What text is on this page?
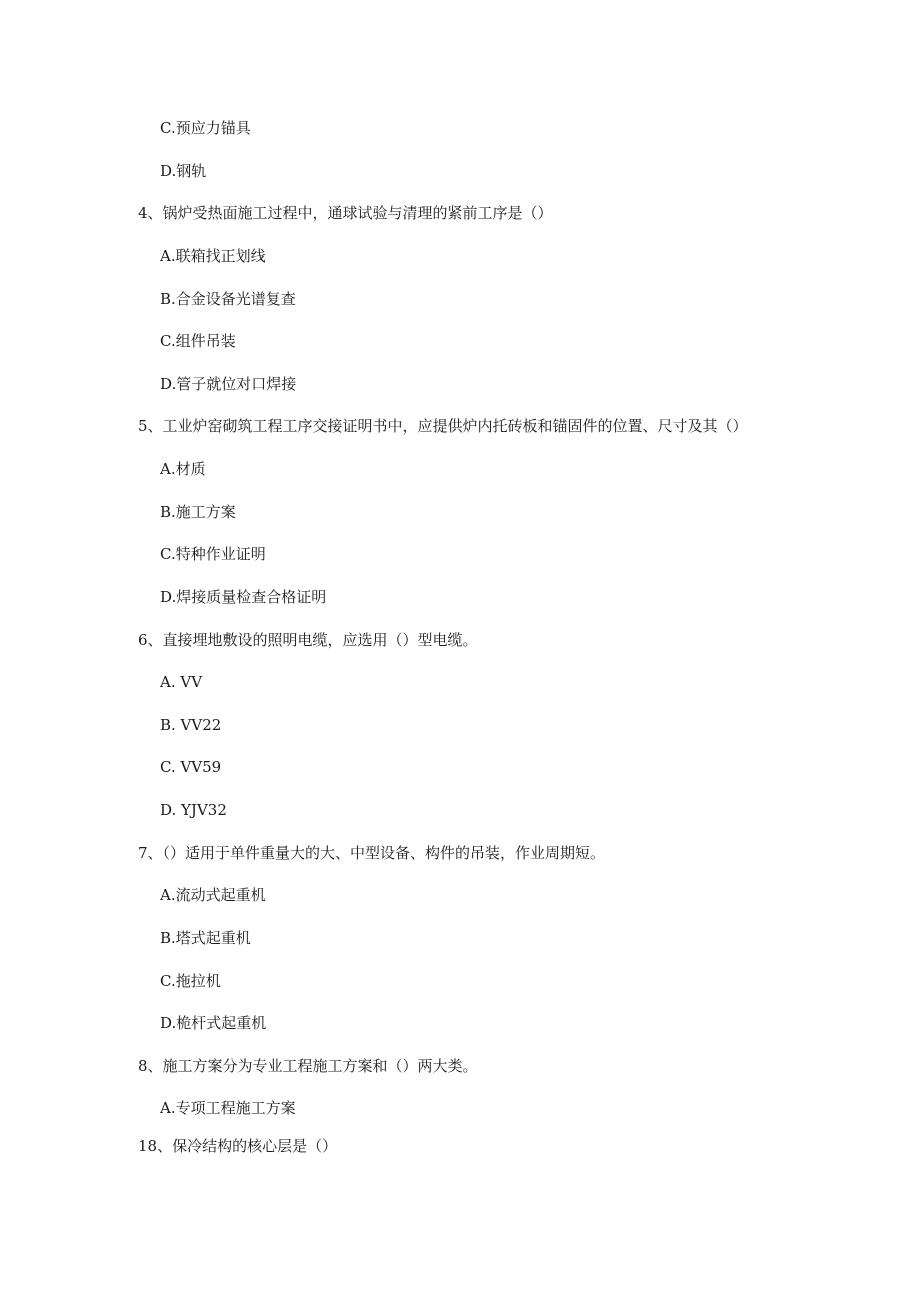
C.预应力锚具
D.钢轨
4、锅炉受热面施工过程中，通球试验与清理的紧前工序是（）
A.联箱找正划线
B.合金设备光谱复查
C.组件吊装
D.管子就位对口焊接
5、工业炉窑砌筑工程工序交接证明书中，应提供炉内托砖板和锚固件的位置、尺寸及其（）
A.材质
B.施工方案
C.特种作业证明
D.焊接质量检查合格证明
6、直接埋地敷设的照明电缆，应选用（）型电缆。
A. VV
B. VV22
C. VV59
D. YJV32
7、（）适用于单件重量大的大、中型设备、构件的吊装，作业周期短。
A.流动式起重机
B.塔式起重机
C.拖拉机
D.桅杆式起重机
8、施工方案分为专业工程施工方案和（）两大类。
A.专项工程施工方案
18、保冷结构的核心层是（）
